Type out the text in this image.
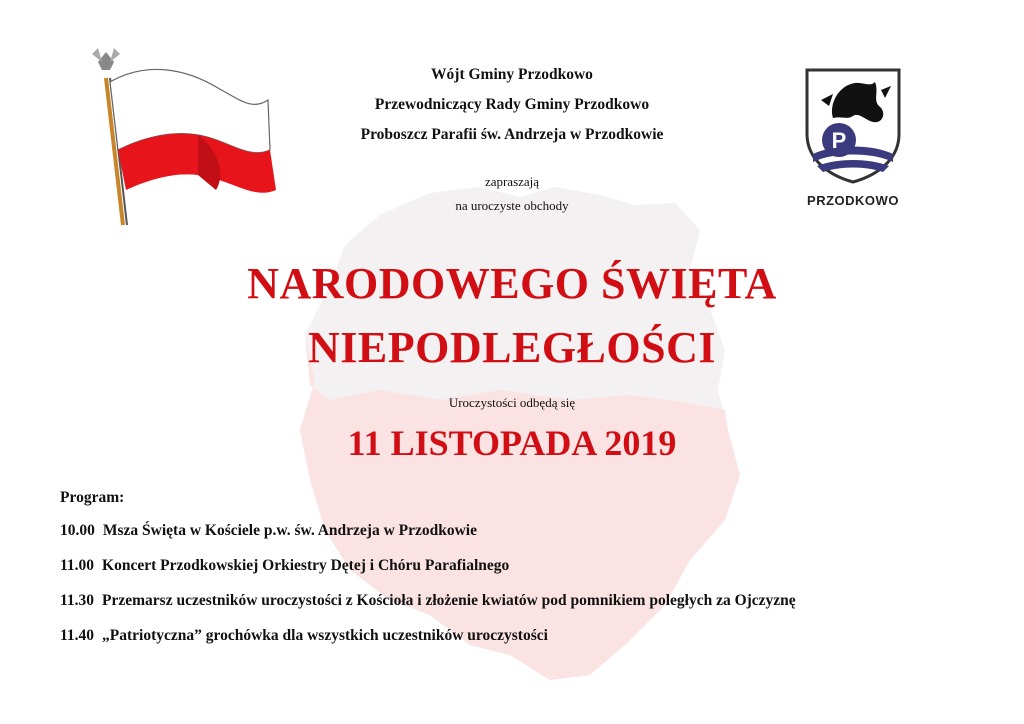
P
PRZODKOWO
Wójt Gminy Przodkowo
Przewodniczący Rady Gminy Przodkowo
Proboszcz Parafii św. Andrzeja w Przodkowie
zapraszają
na uroczyste obchody
NARODOWEGO ŚWIĘTA
NIEPODLEGŁOŚCI
Uroczystości odbędą się
11 LISTOPADA 2019
Program:
10.00 Msza Święta w Kościele p.w. św. Andrzeja w Przodkowie
11.00 Koncert Przodkowskiej Orkiestry Dętej i Chóru Parafialnego
11.30 Przemarsz uczestników uroczystości z Kościoła i złożenie kwiatów pod pomnikiem poległych za Ojczyznę
11.40 „Patriotyczna” grochówka dla wszystkich uczestników uroczystości
